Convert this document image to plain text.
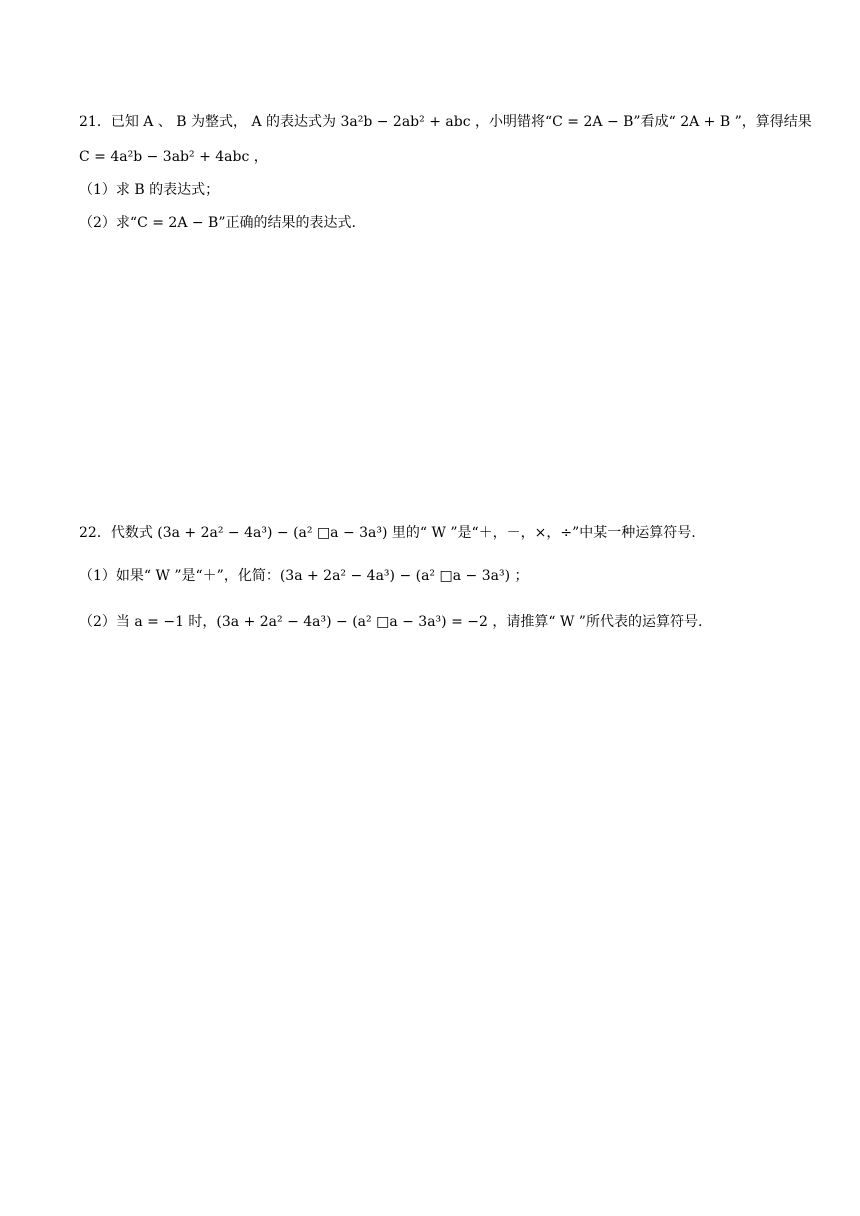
21．已知 A 、 B 为整式， A 的表达式为 3a²b − 2ab² + abc ，小明错将“C = 2A − B”看成“ 2A + B ”，算得结果
C = 4a²b − 3ab² + 4abc ，
（1）求 B 的表达式；
（2）求“C = 2A − B”正确的结果的表达式.
22．代数式 (3a + 2a² − 4a³) − (a² □a − 3a³) 里的“ W ”是“＋，－，×，÷”中某一种运算符号.
（1）如果“ W ”是“＋”，化简：(3a + 2a² − 4a³) − (a² □a − 3a³) ；
（2）当 a = −1 时，(3a + 2a² − 4a³) − (a² □a − 3a³) = −2 ，请推算“ W ”所代表的运算符号.
